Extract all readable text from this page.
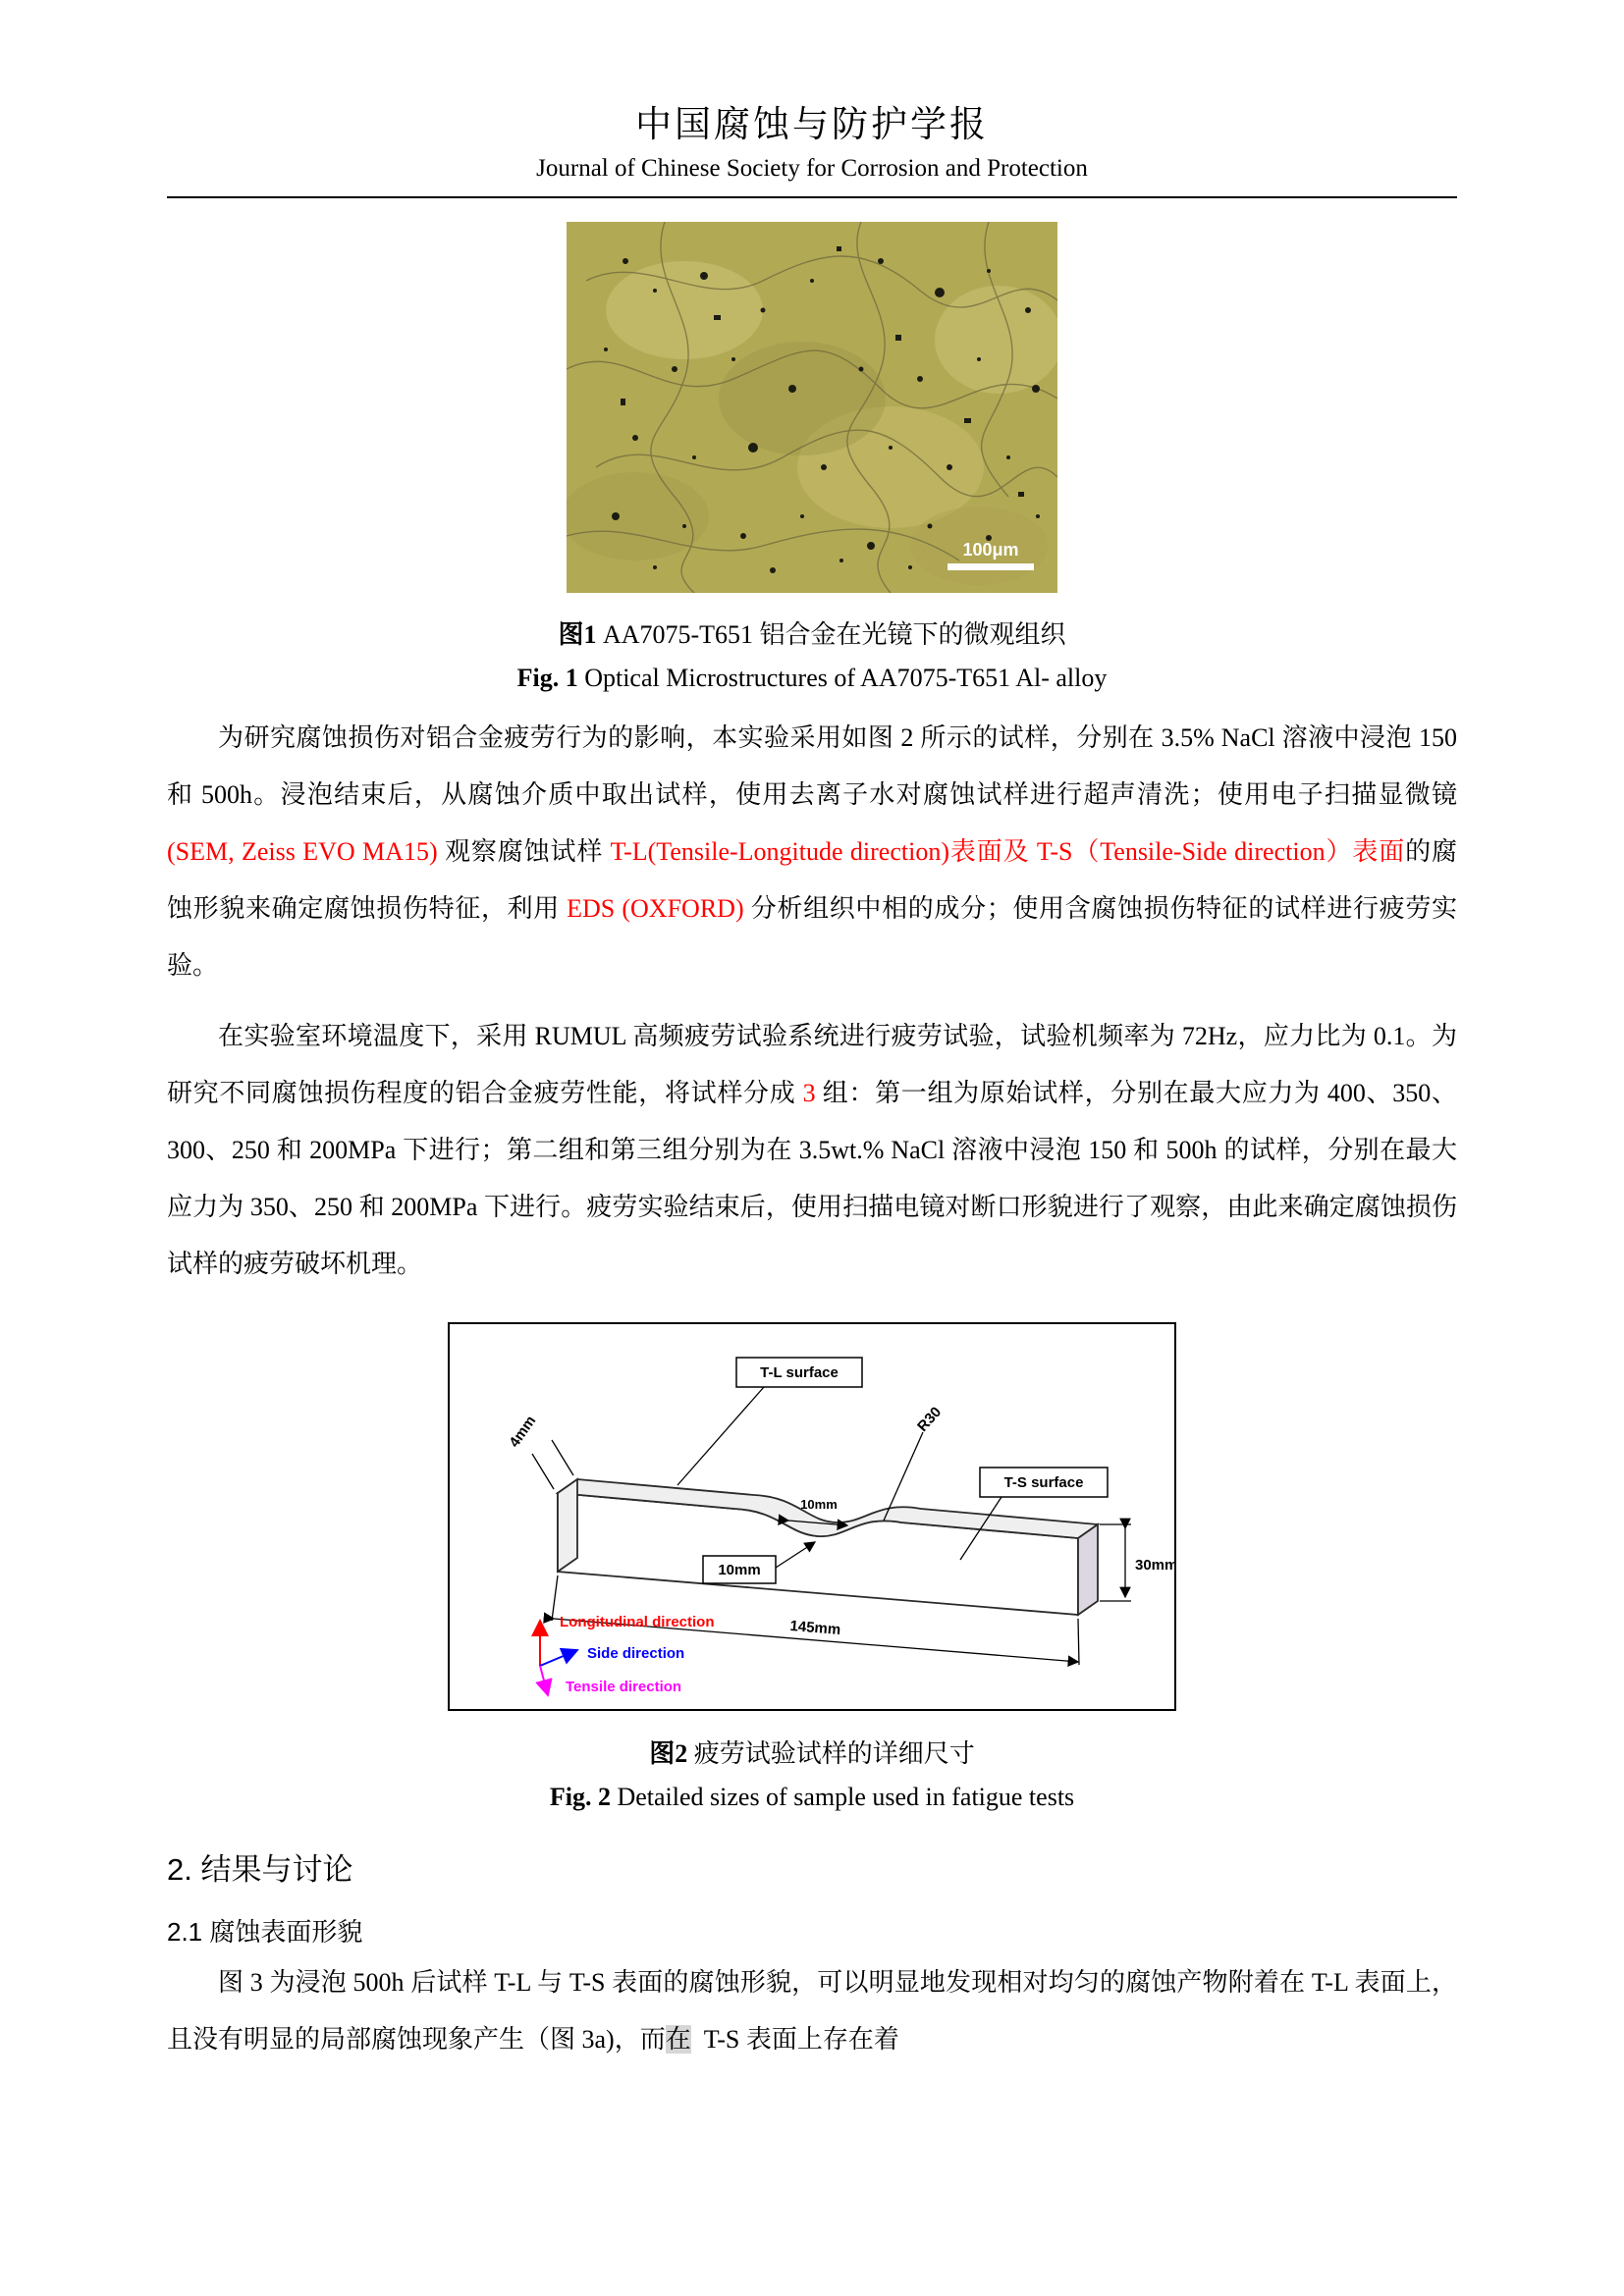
中国腐蚀与防护学报
Journal of Chinese Society for Corrosion and Protection
100μm
图1 AA7075-T651 铝合金在光镜下的微观组织
Fig. 1 Optical Microstructures of AA7075-T651 Al- alloy

为研究腐蚀损伤对铝合金疲劳行为的影响，本实验采用如图 2 所示的试样，分别在 3.5% NaCl 溶液中浸泡 150 和 500h。浸泡结束后，从腐蚀介质中取出试样，使用去离子水对腐蚀试样进行超声清洗；使用电子扫描显微镜 (SEM, Zeiss EVO MA15) 观察腐蚀试样 T-L(Tensile-Longitude direction)表面及 T-S（Tensile-Side direction）表面的腐蚀形貌来确定腐蚀损伤特征，利用 EDS (OXFORD) 分析组织中相的成分；使用含腐蚀损伤特征的试样进行疲劳实验。

在实验室环境温度下，采用 RUMUL 高频疲劳试验系统进行疲劳试验，试验机频率为 72Hz，应力比为 0.1。为研究不同腐蚀损伤程度的铝合金疲劳性能，将试样分成 3 组：第一组为原始试样，分别在最大应力为 400、350、300、250 和 200MPa 下进行；第二组和第三组分别为在 3.5wt.% NaCl 溶液中浸泡 150 和 500h 的试样，分别在最大应力为 350、250 和 200MPa 下进行。疲劳实验结束后，使用扫描电镜对断口形貌进行了观察，由此来确定腐蚀损伤试样的疲劳破坏机理。

145mm
30mm
4mm
T-L surface
R30
10mm
10mm
T-S surface
Longitudinal direction
Side direction
Tensile direction
图2 疲劳试验试样的详细尺寸
Fig. 2 Detailed sizes of sample used in fatigue tests
2. 结果与讨论
2.1 腐蚀表面形貌

图 3 为浸泡 500h 后试样 T-L 与 T-S 表面的腐蚀形貌，可以明显地发现相对均匀的腐蚀产物附着在 T-L 表面上，且没有明显的局部腐蚀现象产生（图 3a)，而在  T-S 表面上存在着
